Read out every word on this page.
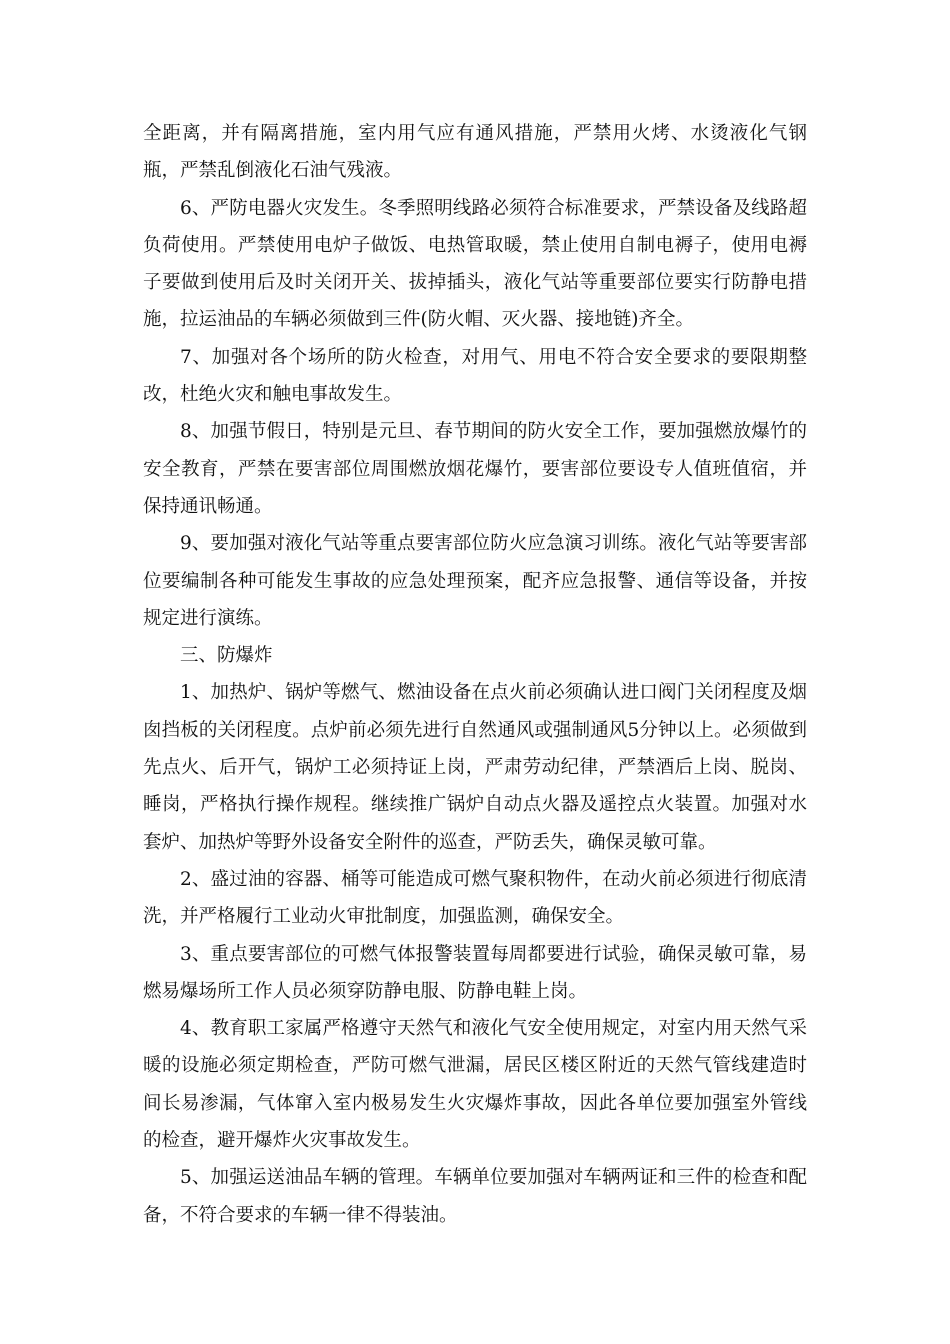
全距离，并有隔离措施，室内用气应有通风措施，严禁用火烤、水烫液化气钢瓶，严禁乱倒液化石油气残液。

6、严防电器火灾发生。冬季照明线路必须符合标准要求，严禁设备及线路超负荷使用。严禁使用电炉子做饭、电热管取暖，禁止使用自制电褥子，使用电褥子要做到使用后及时关闭开关、拔掉插头，液化气站等重要部位要实行防静电措施，拉运油品的车辆必须做到三件(防火帽、灭火器、接地链)齐全。

7、加强对各个场所的防火检查，对用气、用电不符合安全要求的要限期整改，杜绝火灾和触电事故发生。

8、加强节假日，特别是元旦、春节期间的防火安全工作，要加强燃放爆竹的安全教育，严禁在要害部位周围燃放烟花爆竹，要害部位要设专人值班值宿，并保持通讯畅通。

9、要加强对液化气站等重点要害部位防火应急演习训练。液化气站等要害部位要编制各种可能发生事故的应急处理预案，配齐应急报警、通信等设备，并按规定进行演练。

三、防爆炸

1、加热炉、锅炉等燃气、燃油设备在点火前必须确认进口阀门关闭程度及烟囱挡板的关闭程度。点炉前必须先进行自然通风或强制通风5分钟以上。必须做到先点火、后开气，锅炉工必须持证上岗，严肃劳动纪律，严禁酒后上岗、脱岗、睡岗，严格执行操作规程。继续推广锅炉自动点火器及遥控点火装置。加强对水套炉、加热炉等野外设备安全附件的巡查，严防丢失，确保灵敏可靠。

2、盛过油的容器、桶等可能造成可燃气聚积物件，在动火前必须进行彻底清洗，并严格履行工业动火审批制度，加强监测，确保安全。

3、重点要害部位的可燃气体报警装置每周都要进行试验，确保灵敏可靠，易燃易爆场所工作人员必须穿防静电服、防静电鞋上岗。

4、教育职工家属严格遵守天然气和液化气安全使用规定，对室内用天然气采暖的设施必须定期检查，严防可燃气泄漏，居民区楼区附近的天然气管线建造时间长易渗漏，气体窜入室内极易发生火灾爆炸事故，因此各单位要加强室外管线的检查，避开爆炸火灾事故发生。

5、加强运送油品车辆的管理。车辆单位要加强对车辆两证和三件的检查和配备，不符合要求的车辆一律不得装油。
